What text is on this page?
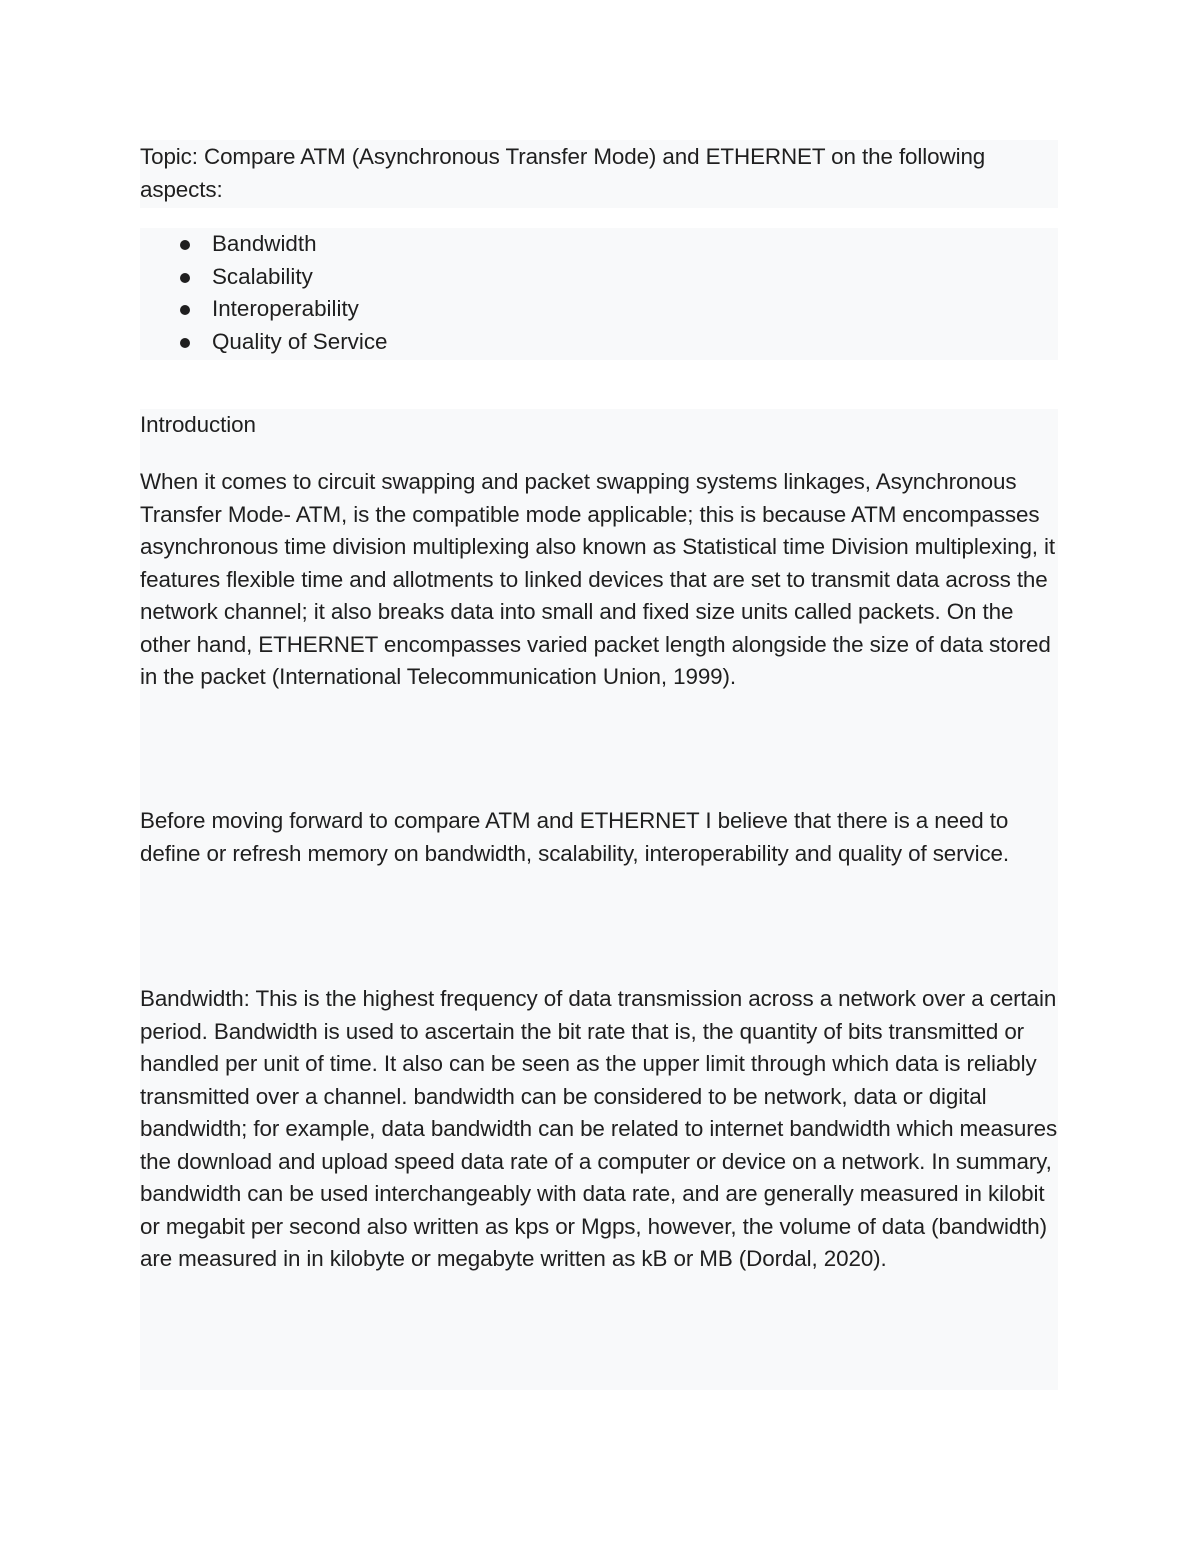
Topic: Compare ATM (Asynchronous Transfer Mode) and ETHERNET on the following aspects:

Bandwidth
Scalability
Interoperability
Quality of Service

Introduction

When it comes to circuit swapping and packet swapping systems linkages, Asynchronous Transfer Mode- ATM, is the compatible mode applicable; this is because ATM encompasses asynchronous time division multiplexing also known as Statistical time Division multiplexing, it features flexible time and allotments to linked devices that are set to transmit data across the network channel; it also breaks data into small and fixed size units called packets. On the other hand, ETHERNET encompasses varied packet length alongside the size of data stored in the packet (International Telecommunication Union, 1999).

Before moving forward to compare ATM and ETHERNET I believe that there is a need to define or refresh memory on bandwidth, scalability, interoperability and quality of service.

Bandwidth: This is the highest frequency of data transmission across a network over a certain period. Bandwidth is used to ascertain the bit rate that is, the quantity of bits transmitted or handled per unit of time. It also can be seen as the upper limit through which data is reliably transmitted over a channel. bandwidth can be considered to be network, data or digital bandwidth; for example, data bandwidth can be related to internet bandwidth which measures the download and upload speed data rate of a computer or device on a network. In summary, bandwidth can be used interchangeably with data rate, and are generally measured in kilobit or megabit per second also written as kps or Mgps, however, the volume of data (bandwidth) are measured in in kilobyte or megabyte written as kB or MB (Dordal, 2020).
